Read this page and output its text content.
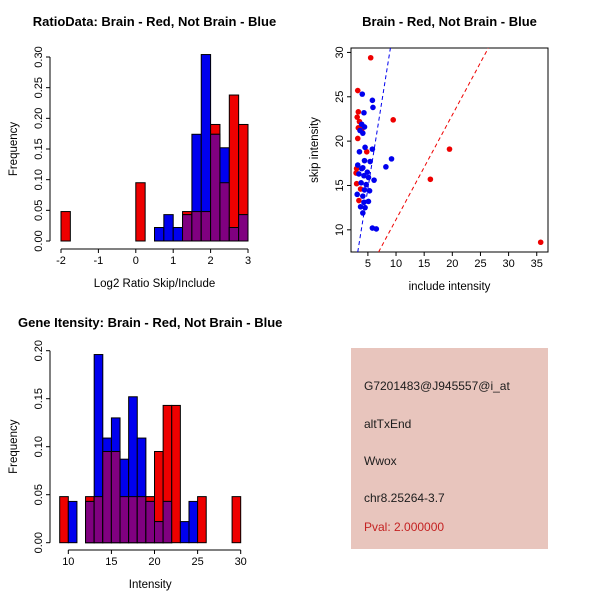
RatioData: Brain - Red, Not Brain - Blue
-2	-1	0	1	2	3
0.00
0.05
0.10
0.15
0.20
0.25
0.30
Log2 Ratio Skip/Include
Frequency
Brain - Red, Not Brain - Blue
5 10 15 20 25 30 35
10
15
20
25
30
include intensity
skip intensity
Gene Itensity: Brain - Red, Not Brain - Blue
10	15	20	25	30
0.00
0.05
0.10
0.15
0.20
Intensity
Frequency
G7201483@J945557@i_at
altTxEnd
Wwox
chr8.25264-3.7
Pval: 2.000000
